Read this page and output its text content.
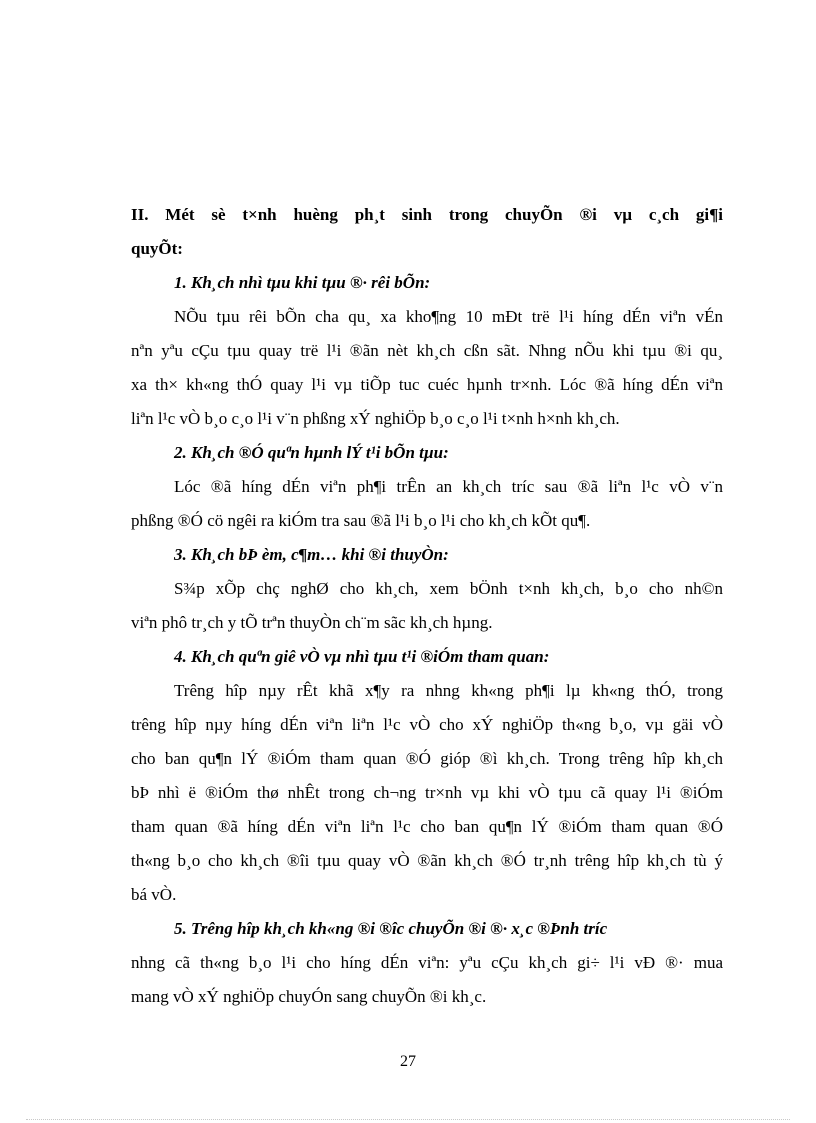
II. Mét sè t×nh huèng ph¸t sinh trong chuyÕn ®i vµ c¸ch gi¶i
quyÕt:
1. Kh¸ch nhì tµu khi tµu ®· rêi bÕn:
NÕu tµu rêi bÕn cha qu¸ xa kho¶ng 10 mÐt trë l¹i híng dÉn viªn vÉn
nªn yªu cÇu tµu quay trë l¹i ®ãn nèt kh¸ch cßn sãt. Nhng nÕu khi tµu ®i qu¸
xa th× kh«ng thÓ quay l¹i vµ tiÕp tuc cuéc hµnh tr×nh. Lóc ®ã híng dÉn viªn
liªn l¹c vÒ b¸o c¸o l¹i v¨n phßng xÝ nghiÖp b¸o c¸o l¹i t×nh h×nh kh¸ch.
2. Kh¸ch ®Ó quªn hµnh lÝ t¹i bÕn tµu:
Lóc ®ã híng dÉn viªn ph¶i trÊn an kh¸ch tríc sau ®ã liªn l¹c vÒ v¨n
phßng ®Ó cö ngêi ra kiÓm tra sau ®ã l¹i b¸o l¹i cho kh¸ch kÕt qu¶.
3. Kh¸ch bÞ èm, c¶m… khi ®i thuyÒn:
S¾p xÕp chç nghØ cho kh¸ch, xem bÖnh t×nh kh¸ch, b¸o cho nh©n
viªn phô tr¸ch y tÕ trªn thuyÒn ch¨m sãc kh¸ch hµng.
4. Kh¸ch quªn giê vÒ vµ nhì tµu t¹i ®iÓm tham quan:
Trêng hîp nµy rÊt khã x¶y ra nhng kh«ng ph¶i lµ kh«ng thÓ, trong
trêng hîp nµy híng dÉn viªn liªn l¹c vÒ cho xÝ nghiÖp th«ng b¸o, vµ gäi vÒ
cho ban qu¶n lÝ ®iÓm tham quan ®Ó gióp ®ì kh¸ch. Trong trêng hîp kh¸ch
bÞ nhì ë ®iÓm thø nhÊt trong ch¬ng tr×nh vµ khi vÒ tµu cã quay l¹i ®iÓm
tham quan ®ã híng dÉn viªn liªn l¹c cho ban qu¶n lÝ ®iÓm tham quan ®Ó
th«ng b¸o cho kh¸ch ®îi tµu quay vÒ ®ãn kh¸ch ®Ó tr¸nh trêng hîp kh¸ch tù ý
bá vÒ.
5. Trêng hîp kh¸ch kh«ng ®i ®îc chuyÕn ®i ®· x¸c ®Þnh tríc
nhng cã th«ng b¸o l¹i cho híng dÉn viªn: yªu cÇu kh¸ch gi÷ l¹i vÐ ®· mua
mang vÒ xÝ nghiÖp chuyÓn sang chuyÕn ®i kh¸c.
27
